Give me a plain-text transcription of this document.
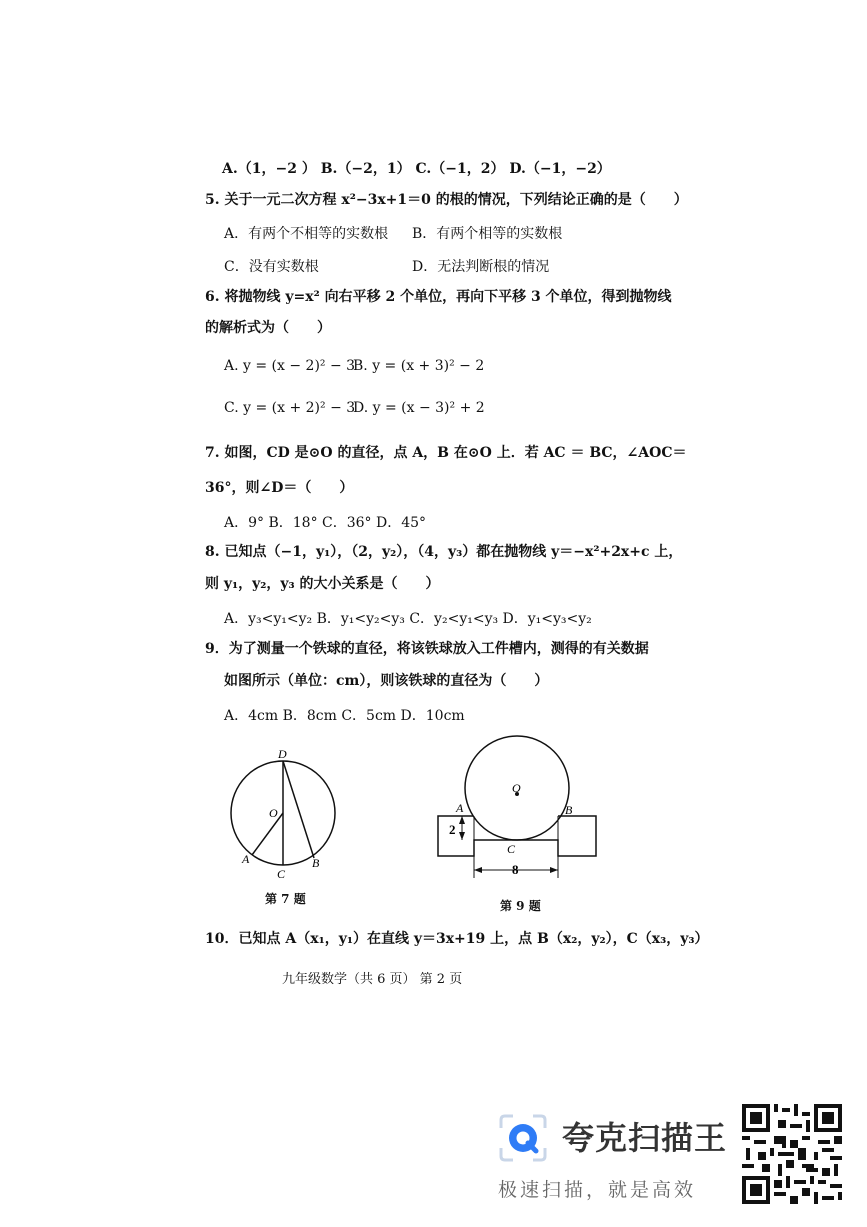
A.（1，−2 ） B.（−2，1） C.（−1，2） D.（−1，−2）
5. 关于一元二次方程 x²−3x+1＝0 的根的情况，下列结论正确的是（　　）
A．有两个不相等的实数根 B．有两个相等的实数根
C．没有实数根	D．无法判断根的情况
6. 将抛物线 y=x² 向右平移 2 个单位，再向下平移 3 个单位，得到抛物线
的解析式为（　　）
A. y = (x − 2)² − 3
B. y = (x + 3)² − 2
C. y = (x + 2)² − 3
D. y = (x − 3)² + 2
7. 如图，CD 是⊙O 的直径，点 A，B 在⊙O 上．若 AC ＝ BC，∠AOC＝
36°，则∠D＝（　　）
A．9° B．18° C．36° D．45°
8. 已知点（−1，y₁），（2，y₂），（4，y₃）都在抛物线 y＝−x²+2x+c 上，
则 y₁，y₂，y₃ 的大小关系是（　　）
A．y₃<y₁<y₂ B．y₁<y₂<y₃ C．y₂<y₁<y₃ D．y₁<y₃<y₂
9．为了测量一个铁球的直径，将该铁球放入工件槽内，测得的有关数据
如图所示（单位：cm），则该铁球的直径为（　　）
A．4cm B．8cm C．5cm D．10cm
D
O
A	B
C
第 7 题
O
A	B
C
2
8
第 9 题
10．已知点 A（x₁，y₁）在直线 y＝3x+19 上，点 B（x₂，y₂），C（x₃，y₃）
九年级数学（共 6 页） 第 2 页
夸克扫描王
极速扫描，就是高效
